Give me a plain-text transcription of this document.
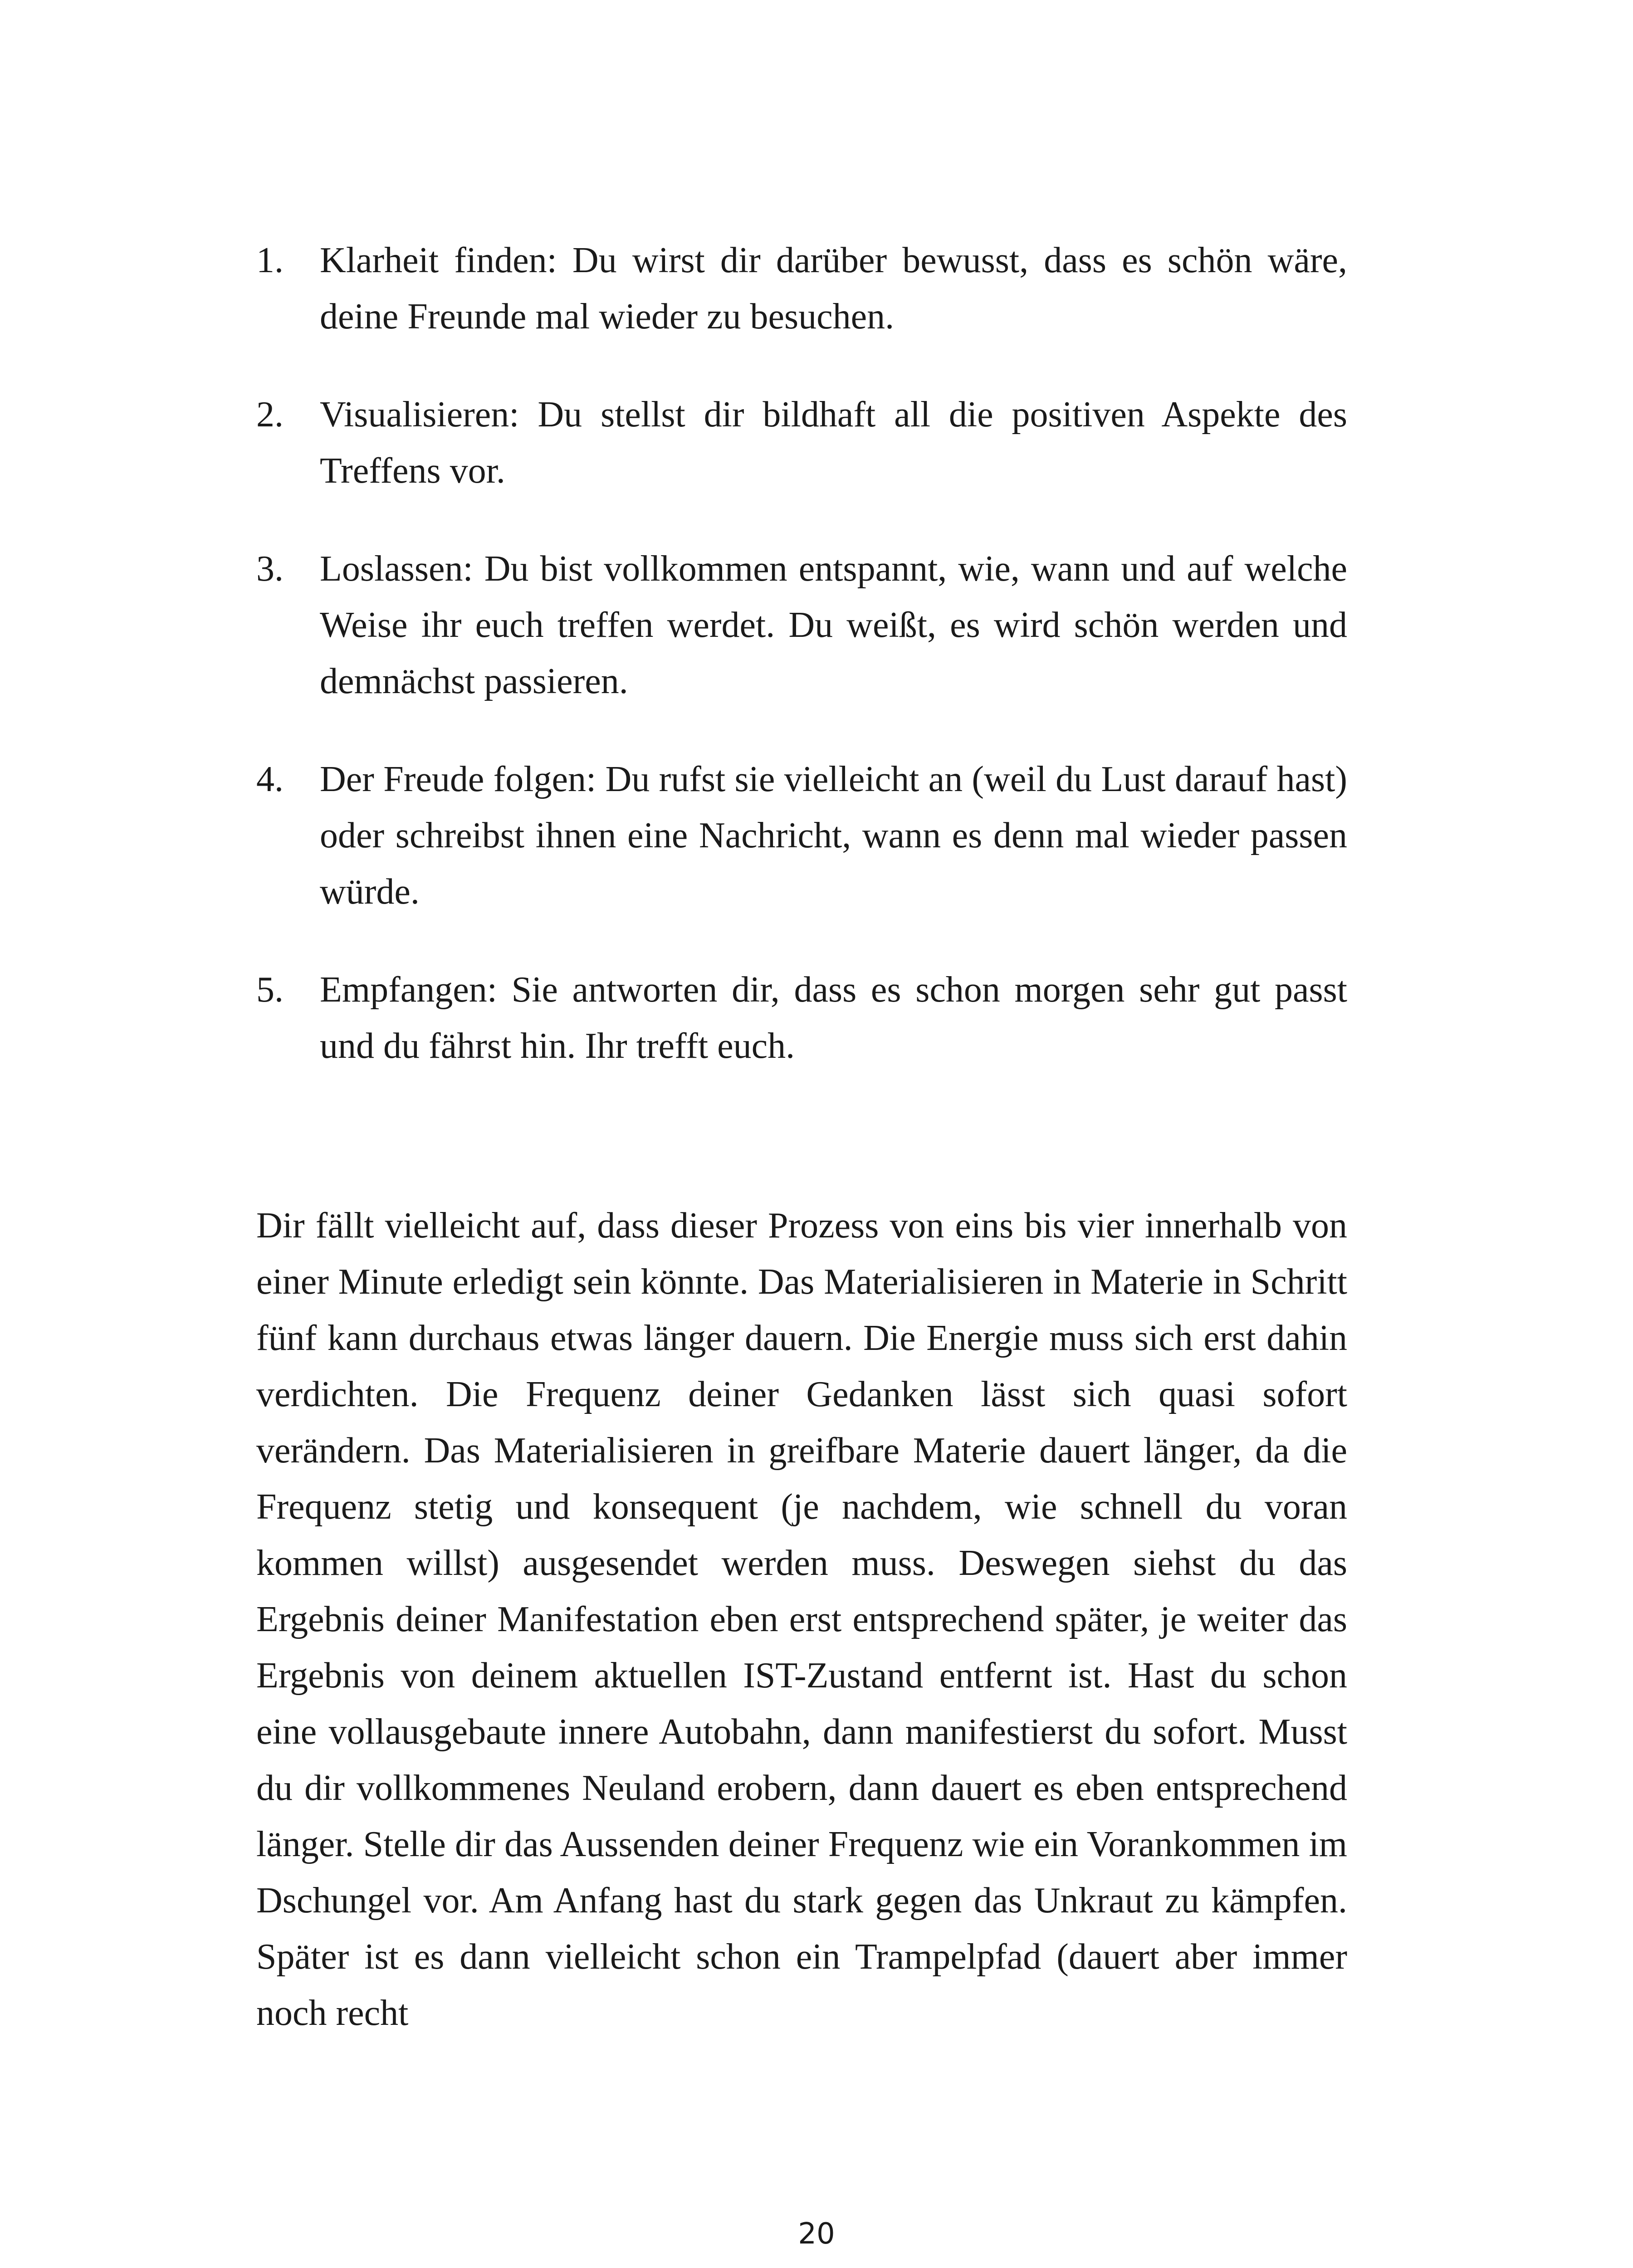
1. Klarheit finden: Du wirst dir darüber bewusst, dass es schön wäre, deine Freunde mal wieder zu besuchen.
2. Visualisieren: Du stellst dir bildhaft all die positiven Aspekte des Treffens vor.
3. Loslassen: Du bist vollkommen entspannt, wie, wann und auf welche Weise ihr euch treffen werdet. Du weißt, es wird schön werden und demnächst passieren.
4. Der Freude folgen: Du rufst sie vielleicht an (weil du Lust darauf hast) oder schreibst ihnen eine Nachricht, wann es denn mal wieder passen würde.
5. Empfangen: Sie antworten dir, dass es schon morgen sehr gut passt und du fährst hin. Ihr trefft euch.

Dir fällt vielleicht auf, dass dieser Prozess von eins bis vier innerhalb von einer Minute erledigt sein könnte. Das Materialisieren in Materie in Schritt fünf kann durchaus etwas länger dauern. Die Energie muss sich erst dahin verdichten. Die Frequenz deiner Gedanken lässt sich quasi sofort verändern. Das Materialisieren in greifbare Materie dauert länger, da die Frequenz stetig und konsequent (je nachdem, wie schnell du voran kommen willst) ausgesendet werden muss. Deswegen siehst du das Ergebnis deiner Manifestation eben erst entsprechend später, je weiter das Ergebnis von deinem aktuellen IST-Zustand entfernt ist. Hast du schon eine vollausgebaute innere Autobahn, dann manifestierst du sofort. Musst du dir vollkommenes Neuland erobern, dann dauert es eben entsprechend länger. Stelle dir das Aussenden deiner Frequenz wie ein Vorankommen im Dschungel vor. Am Anfang hast du stark gegen das Unkraut zu kämpfen. Später ist es dann vielleicht schon ein Trampelpfad (dauert aber immer noch recht

20
